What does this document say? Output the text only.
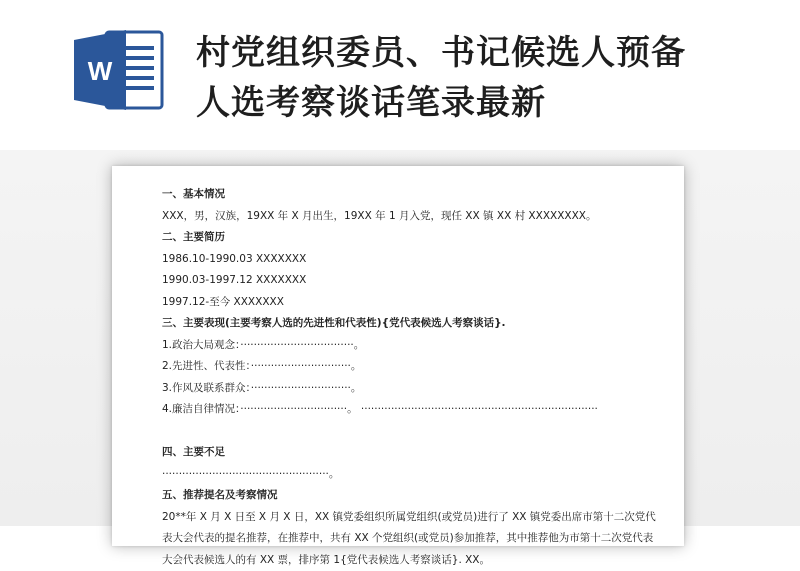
W 村党组织委员、书记候选人预备
人选考察谈话笔录最新
一、基本情况
XXX，男，汉族，19XX 年 X 月出生，19XX 年 1 月入党，现任 XX 镇 XX 村 XXXXXXXX。
二、主要简历
1986.10-1990.03 XXXXXXX
1990.03-1997.12 XXXXXXX
1997.12-至今 XXXXXXX
三、主要表现(主要考察人选的先进性和代表性){党代表候选人考察谈话}.
1.政治大局观念：··································。
2.先进性、代表性：······························。
3.作风及联系群众：······························。
4.廉洁自律情况：································。 ·······································································
四、主要不足
··················································。
五、推荐提名及考察情况
20**年 X 月 X 日至 X 月 X 日，XX 镇党委组织所属党组织(或党员)进行了 XX 镇党委出席市第十二次党代表大会代表的提名推荐，在推荐中，共有 XX 个党组织(或党员)参加推荐，其中推荐他为市第十二次党代表大会代表候选人的有 XX 票，排序第 1{党代表候选人考察谈话}. XX。
